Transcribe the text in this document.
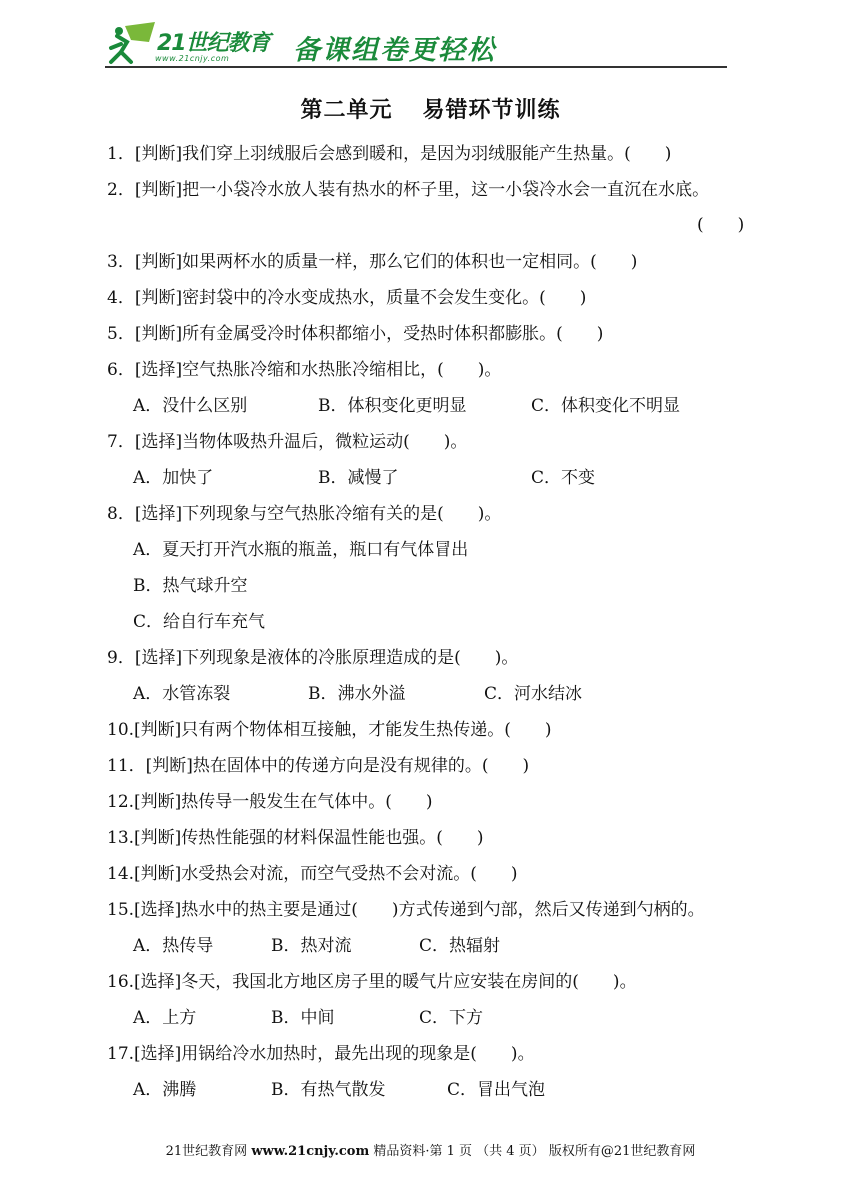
21世纪教育
www.21cnjy.com 备课组卷更轻松
第二单元 易错环节训练
1．[判断]我们穿上羽绒服后会感到暖和，是因为羽绒服能产生热量。(　　)
2．[判断]把一小袋冷水放人装有热水的杯子里，这一小袋冷水会一直沉在水底。
(　　)
3．[判断]如果两杯水的质量一样，那么它们的体积也一定相同。(　　)
4．[判断]密封袋中的冷水变成热水，质量不会发生变化。(　　)
5．[判断]所有金属受冷时体积都缩小，受热时体积都膨胀。(　　)
6．[选择]空气热胀冷缩和水热胀冷缩相比，(　　)。
A．没什么区别	B．体积变化更明显	C．体积变化不明显
7．[选择]当物体吸热升温后，微粒运动(　　)。
A．加快了	B．减慢了	C．不变
8．[选择]下列现象与空气热胀冷缩有关的是(　　)。
A．夏天打开汽水瓶的瓶盖，瓶口有气体冒出
B．热气球升空
C．给自行车充气
9．[选择]下列现象是液体的冷胀原理造成的是(　　)。
A．水管冻裂	B．沸水外溢	C．河水结冰
10.[判断]只有两个物体相互接触，才能发生热传递。(　　)
11．[判断]热在固体中的传递方向是没有规律的。(　　)
12.[判断]热传导一般发生在气体中。(　　)
13.[判断]传热性能强的材料保温性能也强。(　　)
14.[判断]水受热会对流，而空气受热不会对流。(　　)
15.[选择]热水中的热主要是通过(　　)方式传递到勺部，然后又传递到勺柄的。
A．热传导	B．热对流	C．热辐射
16.[选择]冬天，我国北方地区房子里的暖气片应安装在房间的(　　)。
A．上方	B．中间	C．下方
17.[选择]用锅给冷水加热时，最先出现的现象是(　　)。
A．沸腾	B．有热气散发	C．冒出气泡
21世纪教育网 www.21cnjy.com 精品资料·第 1 页 （共 4 页） 版权所有@21世纪教育网
